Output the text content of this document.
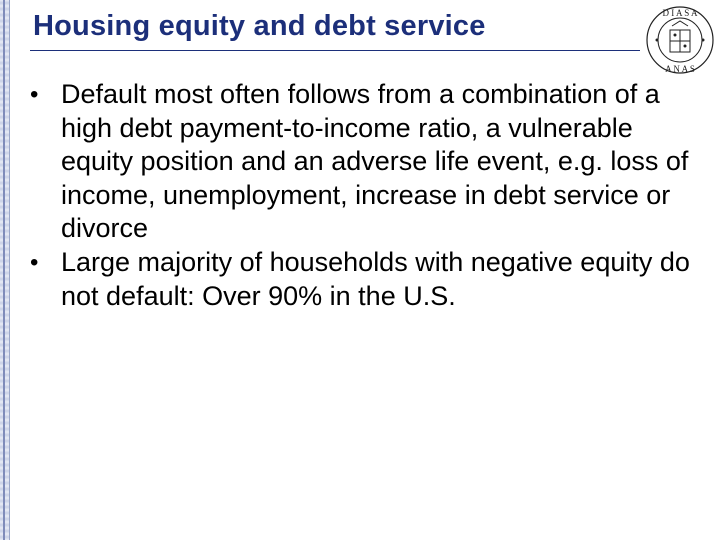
Housing equity and debt service	D I A S A
A N A S
• Default most often follows from a combination of a high debt payment-to-income ratio, a vulnerable equity position and an adverse life event, e.g. loss of income, unemployment, increase in debt service or divorce
• Large majority of households with negative equity do not default: Over 90% in the U.S.
